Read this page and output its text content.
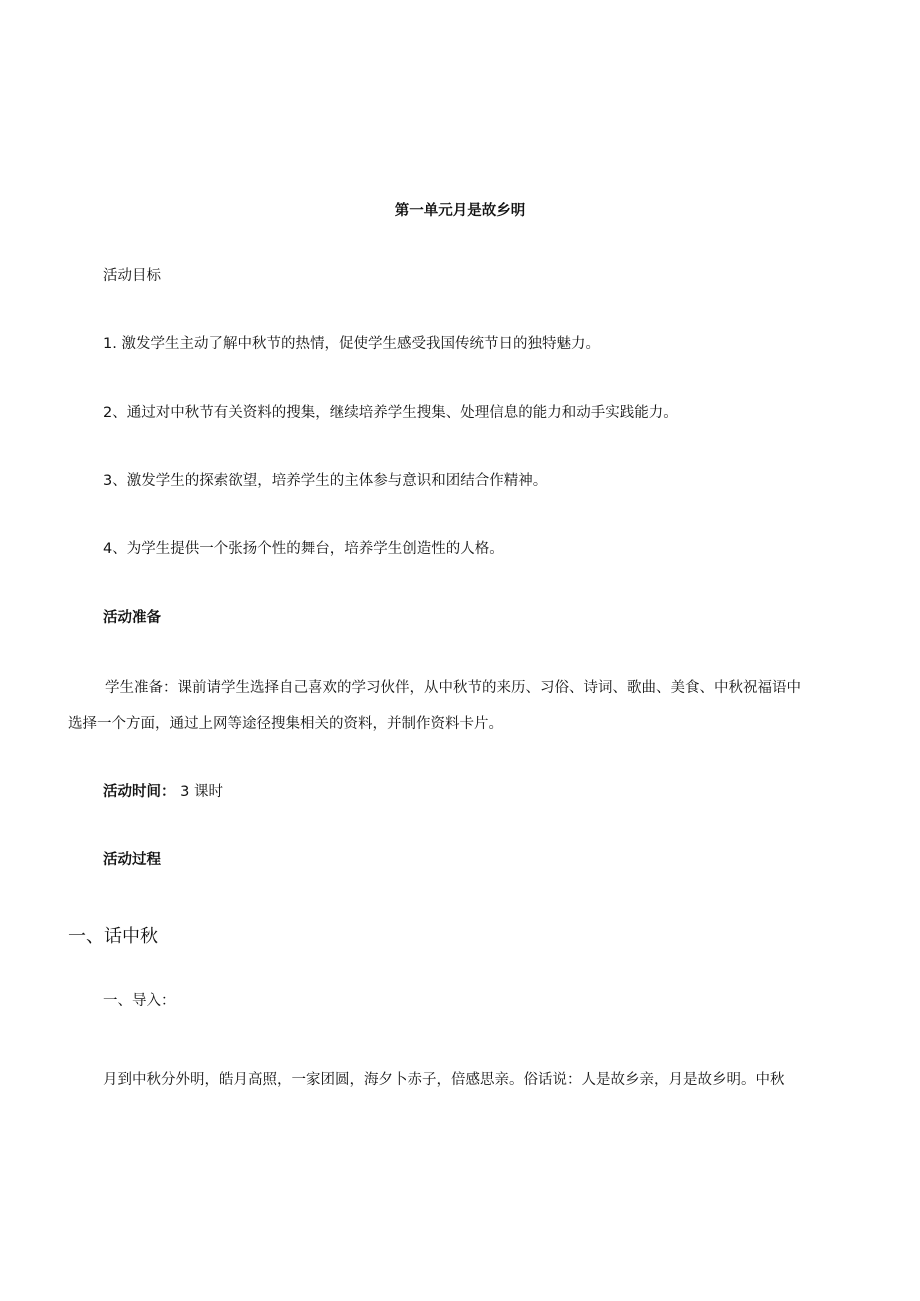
第一单元月是故乡明
活动目标
1. 激发学生主动了解中秋节的热情，促使学生感受我国传统节日的独特魅力。
2、通过对中秋节有关资料的搜集，继续培养学生搜集、处理信息的能力和动手实践能力。
3、激发学生的探索欲望，培养学生的主体参与意识和团结合作精神。
4、为学生提供一个张扬个性的舞台，培养学生创造性的人格。
活动准备
学生准备：课前请学生选择自己喜欢的学习伙伴，从中秋节的来历、习俗、诗词、歌曲、美食、中秋祝福语中
选择一个方面，通过上网等途径搜集相关的资料，并制作资料卡片。
活动时间： 3 课时
活动过程
一、话中秋
一、导入：
月到中秋分外明，皓月高照，一家团圆，海夕卜赤子，倍感思亲。俗话说：人是故乡亲，月是故乡明。中秋
